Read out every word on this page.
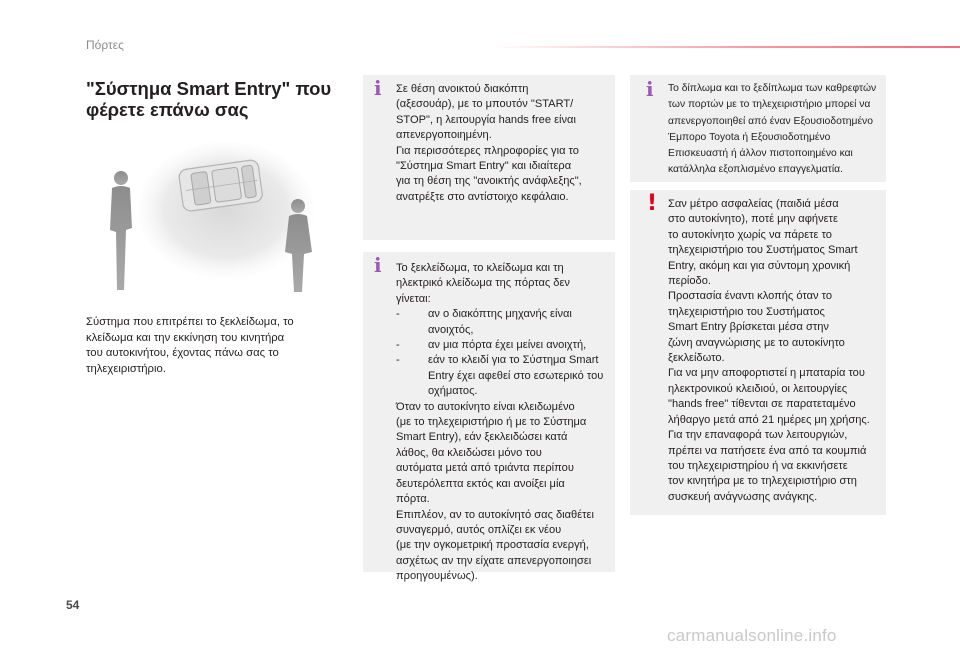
Πόρτες
"Σύστημα Smart Entry" που
φέρετε επάνω σας
Σύστημα που επιτρέπει το ξεκλείδωμα, το
κλείδωμα και την εκκίνηση του κινητήρα
του αυτοκινήτου, έχοντας πάνω σας το
τηλεχειριστήριο.
i Σε θέση ανοικτού διακόπτη

(αξεσουάρ), με το μπουτόν "START/

STOP", η λειτουργία hands free είναι

απενεργοποιημένη.

Για περισσότερες πληροφορίες για το

"Σύστημα Smart Entry" και ιδιαίτερα

για τη θέση της "ανοικτής ανάφλεξης",

ανατρέξτε στο αντίστοιχο κεφάλαιο.

i Το ξεκλείδωμα, το κλείδωμα και τη

ηλεκτρικό κλείδωμα της πόρτας δεν

γίνεται:

-	αν ο διακόπτης μηχανής είναι

ανοιχτός,

-	αν μια πόρτα έχει μείνει ανοιχτή,

-	εάν το κλειδί για το Σύστημα Smart

Entry έχει αφεθεί στο εσωτερικό του

οχήματος.

Όταν το αυτοκίνητο είναι κλειδωμένο

(με το τηλεχειριστήριο ή με το Σύστημα

Smart Entry), εάν ξεκλειδώσει κατά

λάθος, θα κλειδώσει μόνο του

αυτόματα μετά από τριάντα περίπου

δευτερόλεπτα εκτός και ανοίξει μία

πόρτα.

Επιπλέον, αν το αυτοκίνητό σας διαθέτει

συναγερμό, αυτός οπλίζει εκ νέου

(με την ογκομετρική προστασία ενεργή,

ασχέτως αν την είχατε απενεργοποιησει

προηγουμένως).

i Το δίπλωμα και το ξεδίπλωμα των καθρεφτών

των πορτών με το τηλεχειριστήριο μπορεί να

απενεργοποιηθεί από έναν Εξουσιοδοτημένο

Έμπορο Toyota ή Εξουσιοδοτημένο

Επισκευαστή ή άλλον πιστοποιημένο και

κατάλληλα εξοπλισμένο επαγγελματία.

! Σαν μέτρο ασφαλείας (παιδιά μέσα

στο αυτοκίνητο), ποτέ μην αφήνετε

το αυτοκίνητο χωρίς να πάρετε το

τηλεχειριστήριο του Συστήματος Smart

Entry, ακόμη και για σύντομη χρονική

περίοδο.

Προστασία έναντι κλοπής όταν το

τηλεχειριστήριο του Συστήματος

Smart Entry βρίσκεται μέσα στην

ζώνη αναγνώρισης με το αυτοκίνητο

ξεκλείδωτο.

Για να μην αποφορτιστεί η μπαταρία του

ηλεκτρονικού κλειδιού, οι λειτουργίες

"hands free" τίθενται σε παρατεταμένο

λήθαργο μετά από 21 ημέρες μη χρήσης.

Για την επαναφορά των λειτουργιών,

πρέπει να πατήσετε ένα από τα κουμπιά

του τηλεχειριστηρίου ή να εκκινήσετε

τον κινητήρα με το τηλεχειριστήριο στη

συσκευή ανάγνωσης ανάγκης.

54
carmanualsonline.info
